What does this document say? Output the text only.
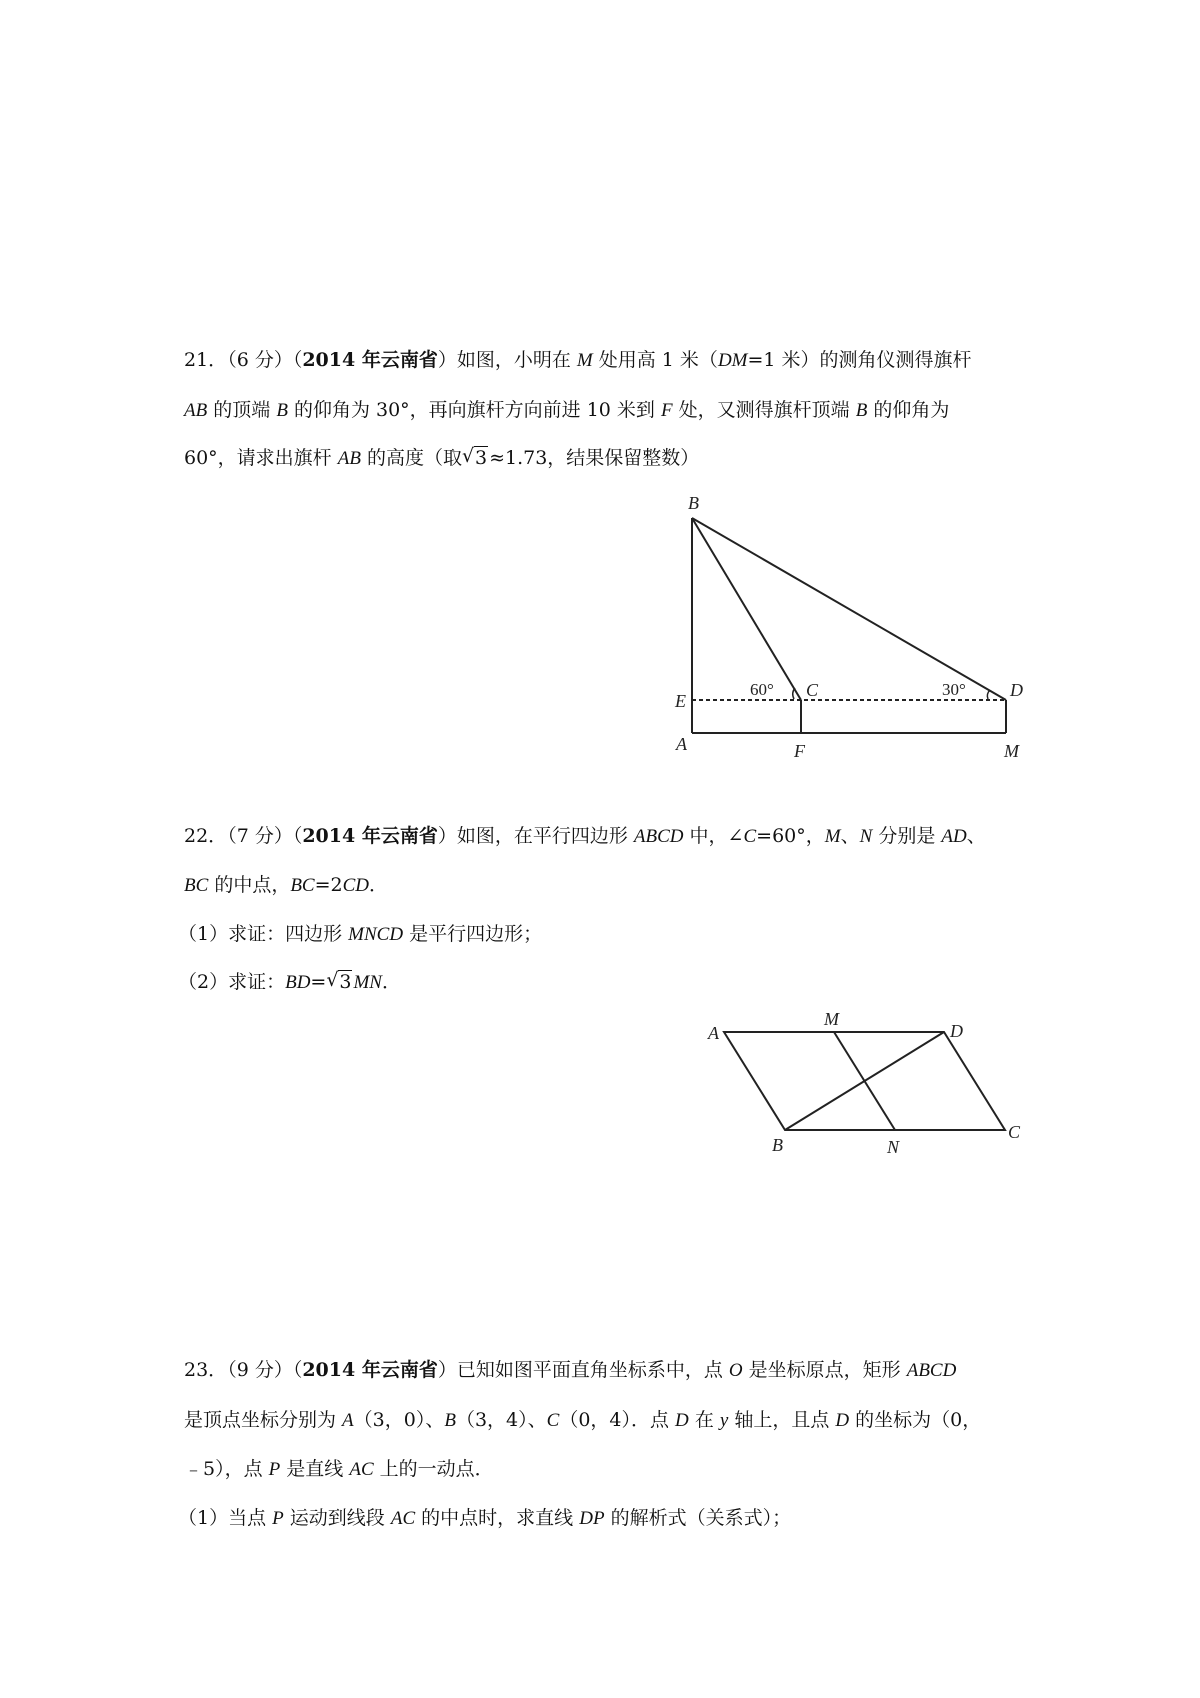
21．（6 分）（2014 年云南省）如图，小明在 M 处用高 1 米（DM=1 米）的测角仪测得旗杆
AB 的顶端 B 的仰角为 30°，再向旗杆方向前进 10 米到 F 处，又测得旗杆顶端 B 的仰角为
60°，请求出旗杆 AB 的高度（取 √ 3 ≈1.73，结果保留整数）
B
E
A
C
F
D
M
60°	30°
22．（7 分）（2014 年云南省）如图，在平行四边形 ABCD 中，∠C=60°，M、N 分别是 AD、
BC 的中点，BC=2CD．
（1）求证：四边形 MNCD 是平行四边形；
（2）求证：BD= √ 3 MN．
A
M
D
B	N
C
23．（9 分）（2014 年云南省）已知如图平面直角坐标系中，点 O 是坐标原点，矩形 ABCD
是顶点坐标分别为 A（3，0）、B（3，4）、C（0，4）．点 D 在 y 轴上，且点 D 的坐标为（0，
﹣5），点 P 是直线 AC 上的一动点．
（1）当点 P 运动到线段 AC 的中点时，求直线 DP 的解析式（关系式）；
